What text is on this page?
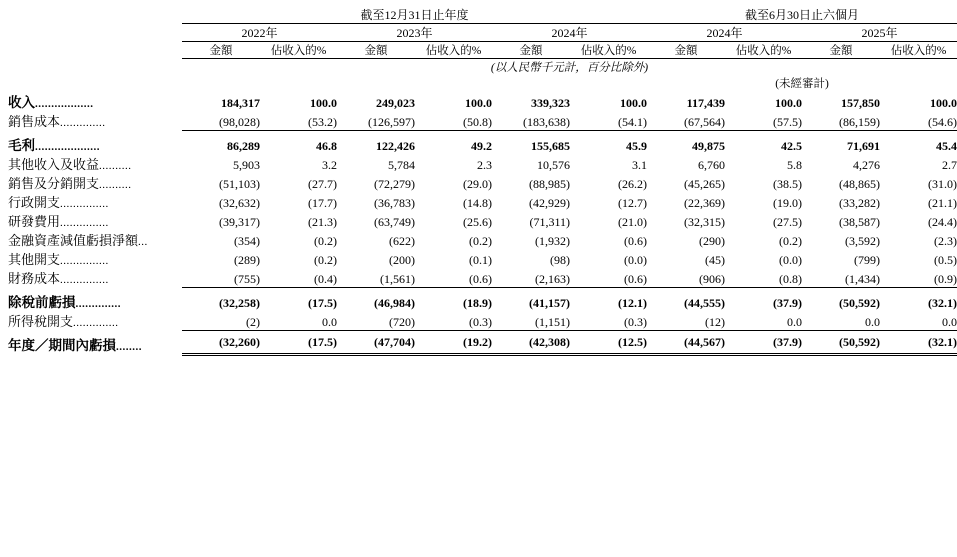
	截至12月31日止年度						截至6月30日止六個月			
	2022年		2023年		2024年		2024年		2025年	
	金額	佔收入的%	金額	佔收入的%	金額	佔收入的%	金額	佔收入的%	金額	佔收入的%
	(以人民幣千元計，百分比除外)									
							(未經審計)			
收入..................	184,317	100.0	249,023	100.0	339,323	100.0	117,439	100.0	157,850	100.0
銷售成本..............	(98,028)	(53.2)	(126,597)	(50.8)	(183,638)	(54.1)	(67,564)	(57.5)	(86,159)	(54.6)
毛利....................	86,289	46.8	122,426	49.2	155,685	45.9	49,875	42.5	71,691	45.4
其他收入及收益..........	5,903	3.2	5,784	2.3	10,576	3.1	6,760	5.8	4,276	2.7
銷售及分銷開支..........	(51,103)	(27.7)	(72,279)	(29.0)	(88,985)	(26.2)	(45,265)	(38.5)	(48,865)	(31.0)
行政開支...............	(32,632)	(17.7)	(36,783)	(14.8)	(42,929)	(12.7)	(22,369)	(19.0)	(33,282)	(21.1)
研發費用...............	(39,317)	(21.3)	(63,749)	(25.6)	(71,311)	(21.0)	(32,315)	(27.5)	(38,587)	(24.4)
金融資產減值虧損淨額...	(354)	(0.2)	(622)	(0.2)	(1,932)	(0.6)	(290)	(0.2)	(3,592)	(2.3)
其他開支...............	(289)	(0.2)	(200)	(0.1)	(98)	(0.0)	(45)	(0.0)	(799)	(0.5)
財務成本...............	(755)	(0.4)	(1,561)	(0.6)	(2,163)	(0.6)	(906)	(0.8)	(1,434)	(0.9)
除稅前虧損..............	(32,258)	(17.5)	(46,984)	(18.9)	(41,157)	(12.1)	(44,555)	(37.9)	(50,592)	(32.1)
所得稅開支..............	(2)	0.0	(720)	(0.3)	(1,151)	(0.3)	(12)	0.0	0.0	0.0
年度／期間內虧損........	(32,260)	(17.5)	(47,704)	(19.2)	(42,308)	(12.5)	(44,567)	(37.9)	(50,592)	(32.1)
